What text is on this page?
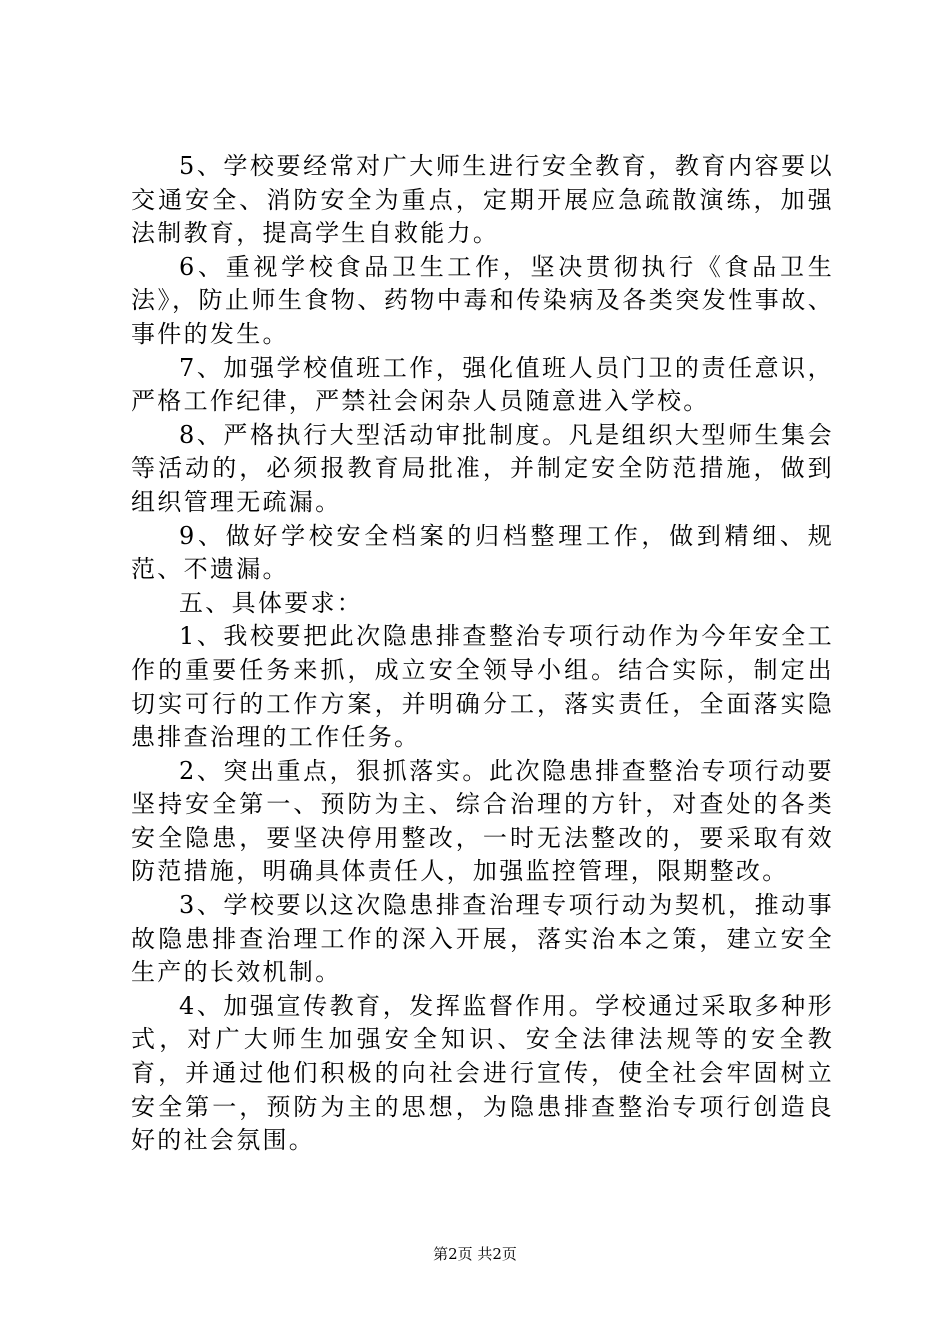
5、学校要经常对广大师生进行安全教育，教育内容要以交通安全、消防安全为重点，定期开展应急疏散演练，加强法制教育，提高学生自救能力。

6、重视学校食品卫生工作，坚决贯彻执行《食品卫生法》，防止师生食物、药物中毒和传染病及各类突发性事故、事件的发生。

7、加强学校值班工作，强化值班人员门卫的责任意识，严格工作纪律，严禁社会闲杂人员随意进入学校。

8、严格执行大型活动审批制度。凡是组织大型师生集会等活动的，必须报教育局批准，并制定安全防范措施，做到组织管理无疏漏。

9、做好学校安全档案的归档整理工作，做到精细、规范、不遗漏。

五、具体要求：

1、我校要把此次隐患排查整治专项行动作为今年安全工作的重要任务来抓，成立安全领导小组。结合实际，制定出切实可行的工作方案，并明确分工，落实责任，全面落实隐患排查治理的工作任务。

2、突出重点，狠抓落实。此次隐患排查整治专项行动要坚持安全第一、预防为主、综合治理的方针，对查处的各类安全隐患，要坚决停用整改，一时无法整改的，要采取有效防范措施，明确具体责任人，加强监控管理，限期整改。

3、学校要以这次隐患排查治理专项行动为契机，推动事故隐患排查治理工作的深入开展，落实治本之策，建立安全生产的长效机制。

4、加强宣传教育，发挥监督作用。学校通过采取多种形式，对广大师生加强安全知识、安全法律法规等的安全教育，并通过他们积极的向社会进行宣传，使全社会牢固树立安全第一，预防为主的思想，为隐患排查整治专项行创造良好的社会氛围。

第2页 共2页
